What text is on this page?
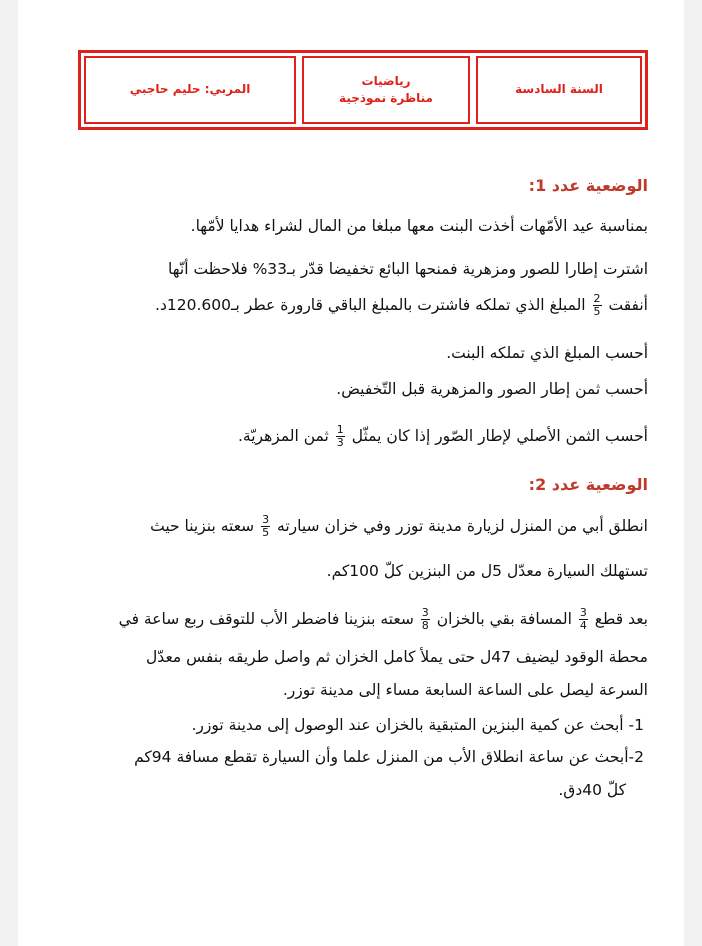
السنة السادسة
رياضيات
مناظرة نموذجية
المربي: حليم حاجبي
الوضعية عدد 1:
بمناسبة عيد الأمّهات أخذت البنت معها مبلغا من المال لشراء هدايا لأمّها.
اشترت إطارا للصور ومزهرية فمنحها البائع تخفيضا قدّر بـ33% فلاحظت أنّها
أنفقت
$\frac{2}{5}$
المبلغ الذي تملكه فاشترت بالمبلغ الباقي قارورة عطر بـ120.600د.
أحسب المبلغ الذي تملكه البنت.
أحسب ثمن إطار الصور والمزهرية قبل التّخفيض.
أحسب الثمن الأصلي لإطار الصّور إذا كان يمثّل
$\frac{1}{3}$
ثمن المزهريّة.
الوضعية عدد 2:
انطلق أبي من المنزل لزيارة مدينة توزر وفي خزان سيارته
$\frac{3}{5}$
سعته بنزينا حيث
تستهلك السيارة معدّل 5ل من البنزين كلّ 100كم.
بعد قطع
$\frac{3}{4}$
المسافة بقي بالخزان
$\frac{3}{8}$
سعته بنزينا فاضطر الأب للتوقف ربع ساعة في
محطة الوقود ليضيف 47ل حتى يملأ كامل الخزان ثم واصل طريقه بنفس معدّل
السرعة ليصل على الساعة السابعة مساء إلى مدينة توزر.
1- أبحث عن كمية البنزين المتبقية بالخزان عند الوصول إلى مدينة توزر.
2-أبحث عن ساعة انطلاق الأب من المنزل علما وأن السيارة تقطع مسافة 94كم
كلّ 40دق.
